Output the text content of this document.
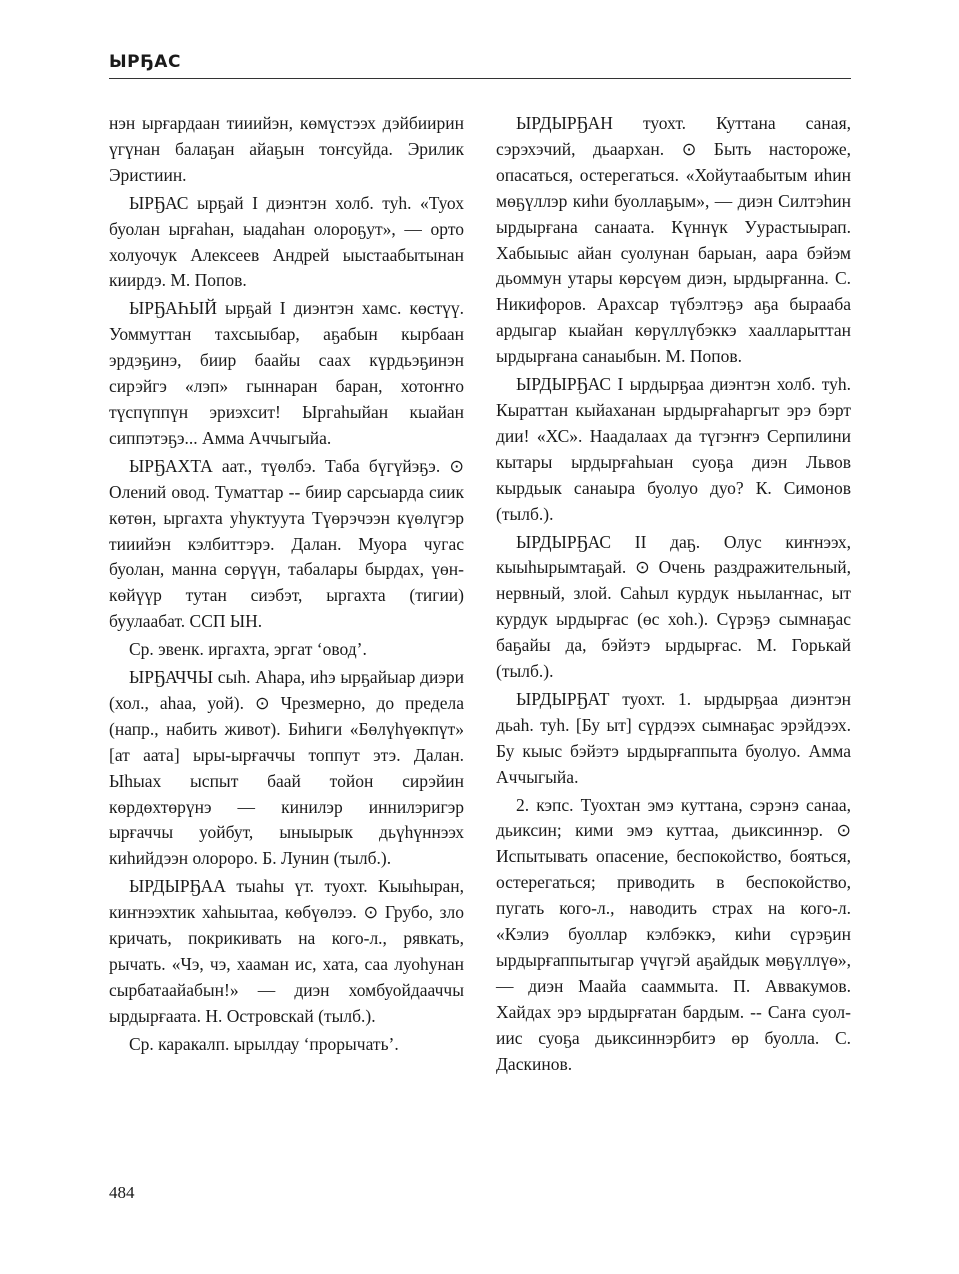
ЫРҔАС

нэн ырғардаан тииийэн, көмүстээх дэйбиирин үгүнан балаҕан айаҕын тоҥсуйда. Эрилик Эристиин.

ЫРҔАС ырҕай I диэнтэн холб. туһ. «Туох буолан ырғаһан, ыадаһан олороҕут», — орто холуочук Алексеев Андрей ыыстаабытынан киирдэ. М. Попов.

ЫРҔАҺЫЙ ырҕай I диэнтэн хамс. көстүү. Уоммуттан тахсыыбар, аҕабын кырбаан эрдэҕинэ, биир баайы саах күрдьэҕинэн сирэйгэ «лэп» гыннаран баран, хотоҥҥо түспүппүн эриэхсит! Ыргаһыйан кыайан сиппэтэҕэ... Амма Аччыгыйа.

ЫРҔАХТА аат., түөлбэ. Таба бүгүйэҕэ. ⊙ Олений овод. Туматтар -- биир сарсыарда сиик көтөн, ыргахта уһуктуута Түөрэчээн күөлүгэр тииийэн кэлбиттэрэ. Далан. Муора чугас буолан, манна сөрүүн, табалары бырдах, үөн-көйүүр тутан сиэбэт, ыргахта (тигии) буулаабат. ССП ЫН.

Ср. эвенк. иргахта, эргат ‘овод’.

ЫРҔАЧЧЫ сыһ. Аһара, иһэ ырҕайыар диэри (хол., аһаа, уой). ⊙ Чрезмерно, до предела (напр., набить живот). Биһиги «Бөлүһүөкпүт» [ат аата] ыры-ырғаччы топпут этэ. Далан. Ыһыах ыспыт баай тойон сирэйин көрдөхтөрүнэ — кинилэр иннилэригэр ырғаччы уойбут, ыныырык дьүһүннээх киһийдээн олороро. Б. Лунин (тылб.).

ЫРДЫРҔАА тыаһы үт. туохт. Кыыһыран, киҥнээхтик хаһыытаа, көбүөлээ. ⊙ Грубо, зло кричать, покрикивать на кого-л., рявкать, рычать. «Чэ, чэ, хааман ис, хата, саа луоһунан сырбатаайабын!» — диэн хомбуойдааччы ырдырғаата. Н. Островскай (тылб.).

Ср. каракалп. ырылдау ‘прорычать’.

ЫРДЫРҔАН туохт. Куттана саная, сэрэхэчий, дьаархан. ⊙ Быть настороже, опасаться, остерегаться. «Хойутаабытым иһин мөҕүллэр киһи буоллаҕым», — диэн Силтэһин ырдырғана санаата. Күннүк Уурастыырап. Хабыыыс айан суолунан барыан, аара бэйэм дьоммун утары көрсүөм диэн, ырдырғанна. С. Никифоров. Арахсар түбэлтэҕэ аҕа бырааба ардыгар кыайан көрүллүбэккэ хаалларыттан ырдырғана санаыбын. М. Попов.

ЫРДЫРҔАС I ырдырҕаа диэнтэн холб. туһ. Кыраттан кыйаханан ырдырғаһаргыт эрэ бэрт дии! «ХС». Наадалаах да түгэҥҥэ Серпилини кытары ырдырғаһыан суоҕа диэн Львов кырдьык санаыра буолуо дуо? К. Симонов (тылб.).

ЫРДЫРҔАС II даҕ. Олус киҥнээх, кыыһырымтаҕай. ⊙ Очень раздражительный, нервный, злой. Саһыл курдук ньылаҥнас, ыт курдук ырдырғас (өс хоһ.). Сүрэҕэ сымнаҕас баҕайы да, бэйэтэ ырдырғас. М. Горькай (тылб.).

ЫРДЫРҔАТ туохт. 1. ырдырҕаа диэнтэн дьаһ. туһ. [Бу ыт] сүрдээх сымнаҕас эрэйдээх. Бу кыыс бэйэтэ ырдырғаппыта буолуо. Амма Аччыгыйа.

2. кэпс. Туохтан эмэ куттана, сэрэнэ санаа, дьиксин; кими эмэ куттаа, дьиксиннэр. ⊙ Испытывать опасение, беспокойство, бояться, остерегаться; приводить в беспокойство, пугать кого-л., наводить страх на кого-л. «Кэлиэ буоллар кэлбэккэ, киһи сүрэҕин ырдырғаппытыгар үчүгэй аҕайдык мөҕүллүө», — диэн Маайа сааммыта. П. Аввакумов. Хайдах эрэ ырдырғатан бардым. -- Саҥа суол-иис суоҕа дьиксиннэрбитэ өр буолла. С. Даскинов.

484
